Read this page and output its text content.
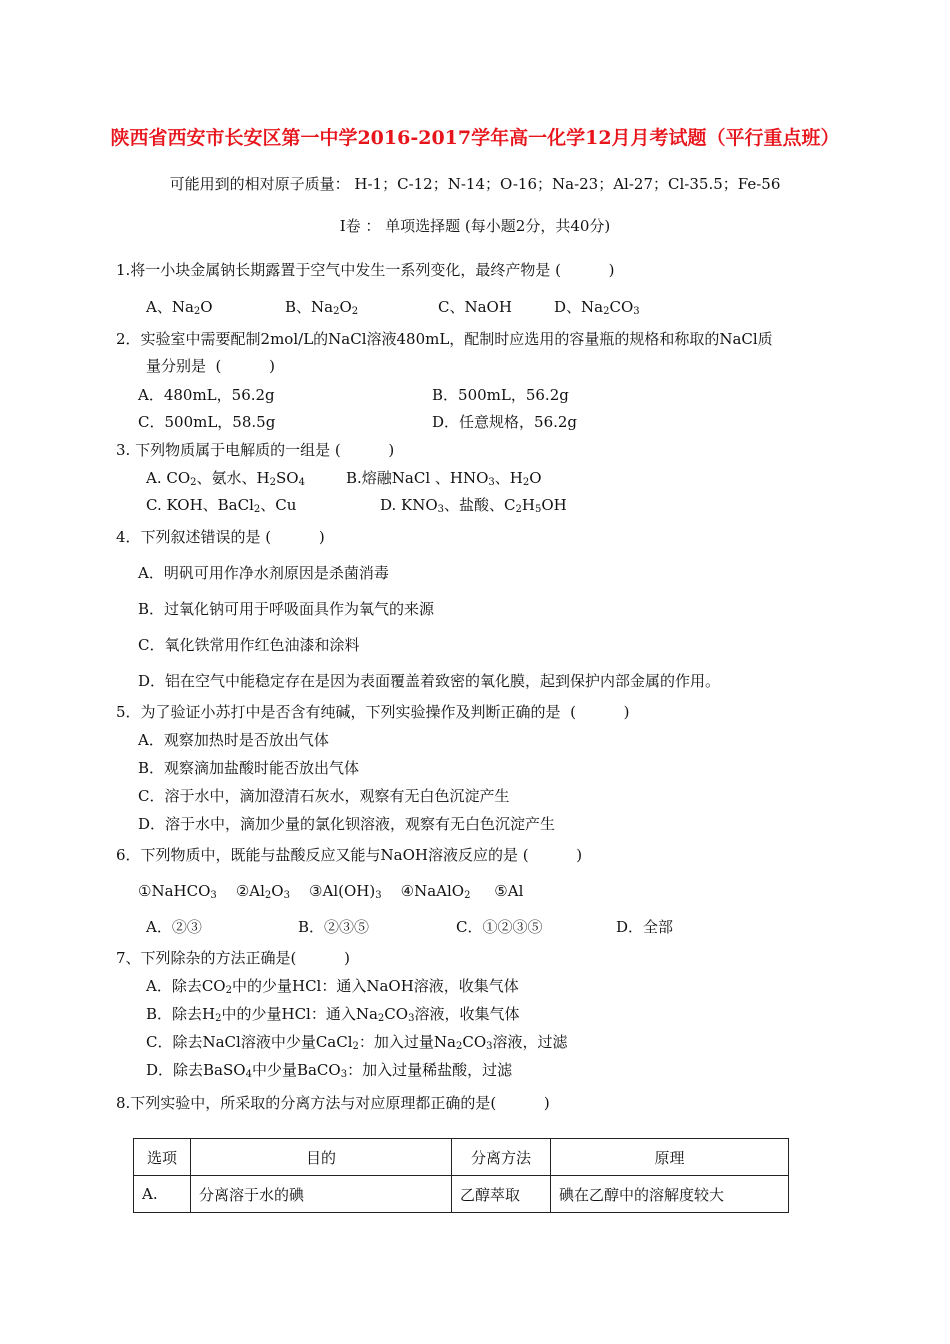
陕西省西安市长安区第一中学2016-2017学年高一化学12月月考试题（平行重点班）
可能用到的相对原子质量： H-1；C-12；N-14；O-16；Na-23；Al-27；Cl-35.5；Fe-56
Ⅰ卷 ： 单项选择题 (每小题2分，共40分)
1.将一小块金属钠长期露置于空气中发生一系列变化，最终产物是 (          )
A、$Na_2O$	B、$Na_2O_2$	C、NaOH	D、$Na_2CO_3$
2．实验室中需要配制2mol/L的NaCl溶液480mL，配制时应选用的容量瓶的规格和称取的NaCl质
量分别是  (          )
A．480mL，56.2g	B．500mL，56.2g
C．500mL，58.5g	D．任意规格，56.2g
3. 下列物质属于电解质的一组是 (          )
A. $CO_2$、氨水、$H_2SO_4$	B.熔融NaCl 、$HNO_3$、$H_2O$
C. KOH、BaCl$_2$、Cu	D. $KNO_3$、盐酸、$C_2H_5OH$
4．下列叙述错误的是 (          )
A．明矾可用作净水剂原因是杀菌消毒
B．过氧化钠可用于呼吸面具作为氧气的来源
C．氧化铁常用作红色油漆和涂料
D．铝在空气中能稳定存在是因为表面覆盖着致密的氧化膜，起到保护内部金属的作用。
5．为了验证小苏打中是否含有纯碱，下列实验操作及判断正确的是  (          )
A．观察加热时是否放出气体
B．观察滴加盐酸时能否放出气体
C．溶于水中，滴加澄清石灰水，观察有无白色沉淀产生
D．溶于水中，滴加少量的氯化钡溶液，观察有无白色沉淀产生
6．下列物质中，既能与盐酸反应又能与NaOH溶液反应的是 (          )
①NaHCO$_3$    $②Al_2O_3$    $③Al(OH)_3$    ④NaAlO$_2$     ⑤Al
A．②③	B．②③⑤	C．①②③⑤	D．全部
7、下列除杂的方法正确是(          )
A．除去$CO_2$中的少量HCl：通入NaOH溶液，收集气体
B．除去$H_2$中的少量HCl：通入$Na_2CO_3$溶液，收集气体
C．除去NaCl溶液中少量CaCl$_2$：加入过量$Na_2CO_3$溶液，过滤
D．除去BaSO$_4$中少量BaCO$_3$：加入过量稀盐酸，过滤
8.下列实验中，所采取的分离方法与对应原理都正确的是(          )
选项	目的	分离方法	原理
A.	分离溶于水的碘	乙醇萃取	碘在乙醇中的溶解度较大
